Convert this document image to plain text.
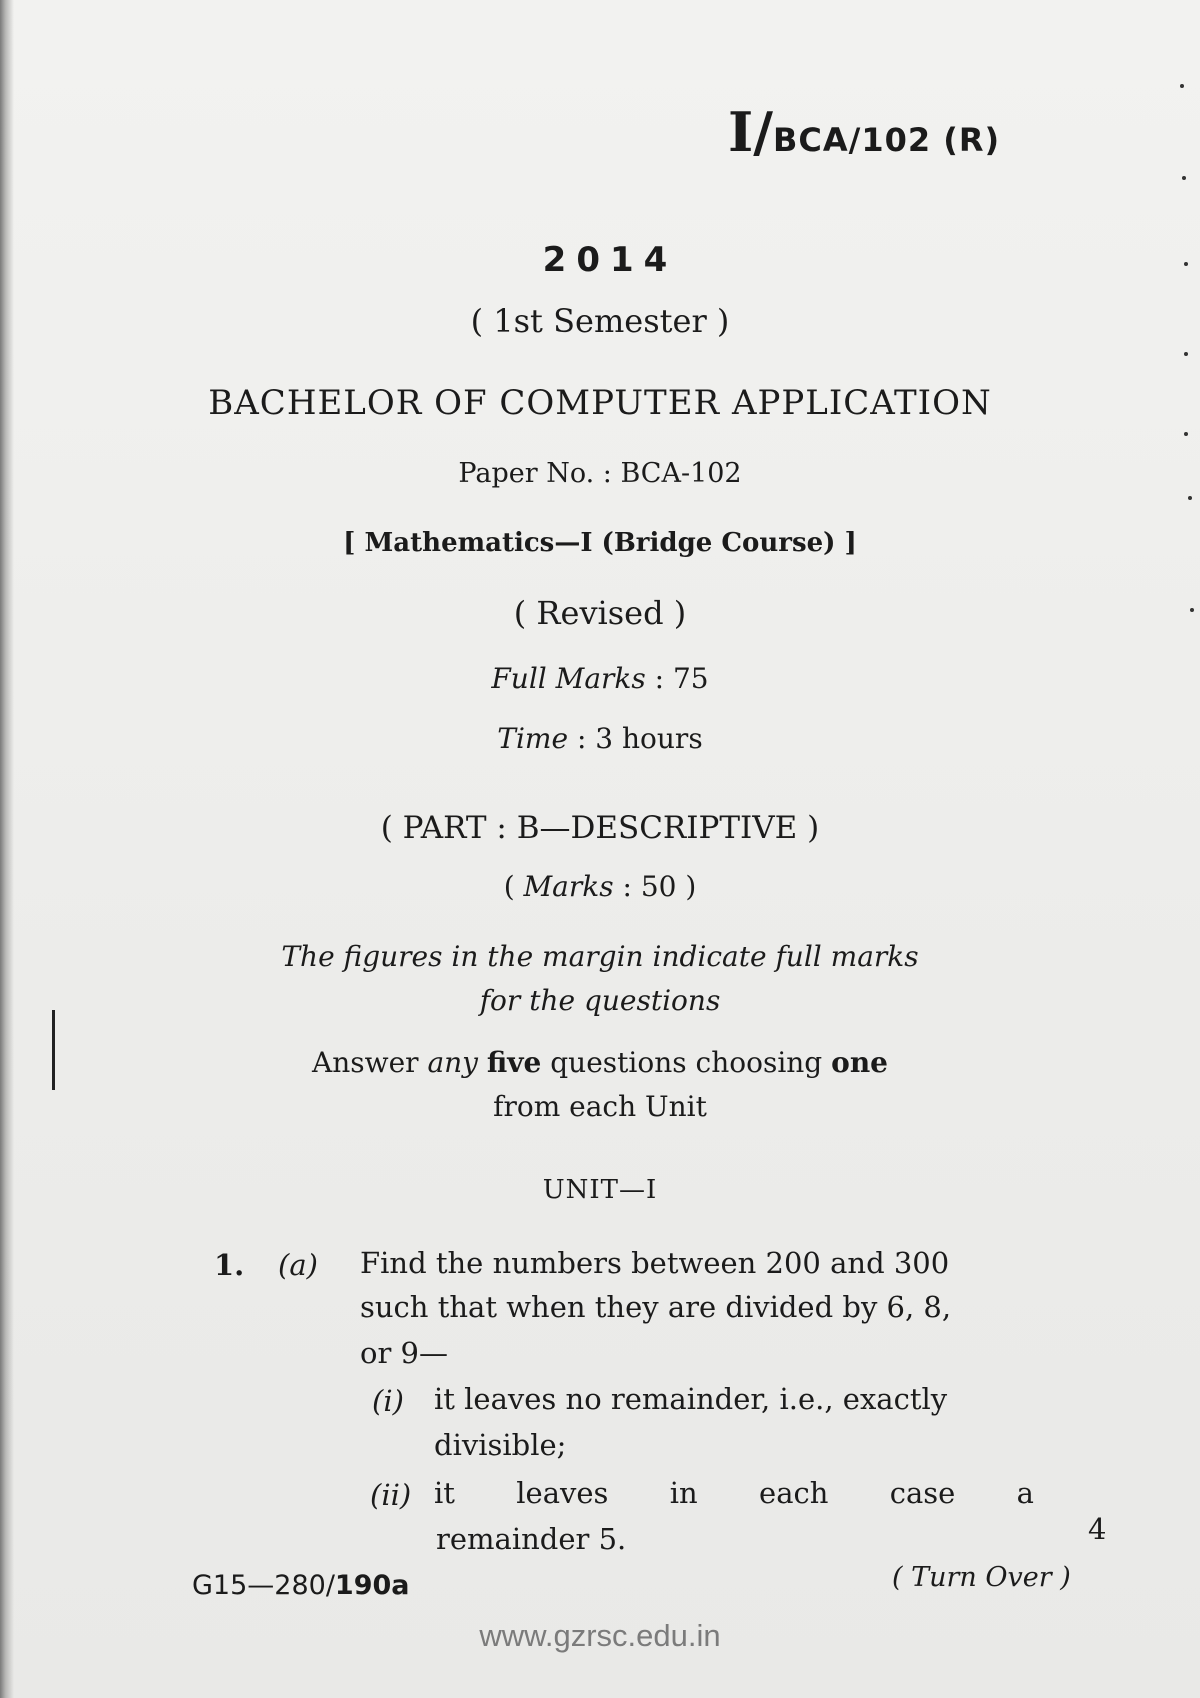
I/BCA/102 (R)
2014
( 1st Semester )
BACHELOR OF COMPUTER APPLICATION
Paper No. : BCA-102
[ Mathematics—I (Bridge Course) ]
( Revised )
Full Marks : 75
Time : 3 hours
( PART : B—DESCRIPTIVE )
( Marks : 50 )
The figures in the margin indicate full marks
for the questions
Answer any five questions choosing one
from each Unit
UNIT—I
1. (a) Find the numbers between 200 and 300
such that when they are divided by 6, 8,
or 9—
(i) it leaves no remainder, i.e., exactly
divisible;
(ii) it leaves in each case a
remainder 5.	4
G15—280/190a	( Turn Over )
www.gzrsc.edu.in
